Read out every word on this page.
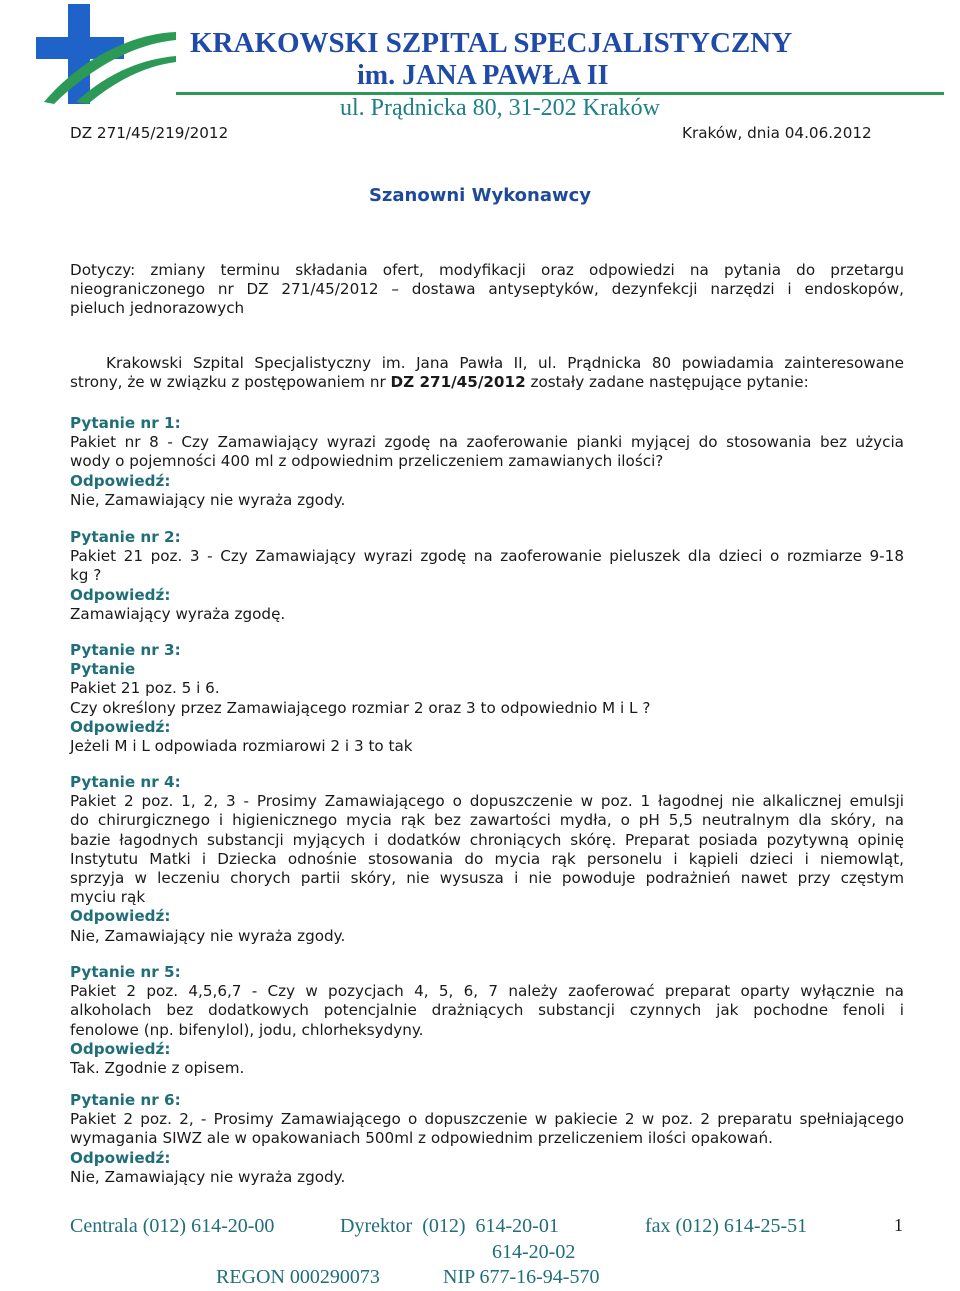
KRAKOWSKI SZPITAL SPECJALISTYCZNY
im. JANA PAWŁA II
ul. Prądnicka 80, 31-202 Kraków
DZ 271/45/219/2012	Kraków, dnia 04.06.2012
Szanowni Wykonawcy
Dotyczy: zmiany terminu składania ofert, modyfikacji oraz odpowiedzi na pytania do przetargu
nieograniczonego nr DZ 271/45/2012 – dostawa antyseptyków, dezynfekcji narzędzi i endoskopów,
pieluch jednorazowych
Krakowski Szpital Specjalistyczny im. Jana Pawła II, ul. Prądnicka 80 powiadamia zainteresowane
strony, że w związku z postępowaniem nr DZ 271/45/2012 zostały zadane następujące pytanie:
Pytanie nr 1:
Pakiet nr 8 - Czy Zamawiający wyrazi zgodę na zaoferowanie pianki myjącej do stosowania bez użycia
wody o pojemności 400 ml z odpowiednim przeliczeniem zamawianych ilości?
Odpowiedź:
Nie, Zamawiający nie wyraża zgody.
Pytanie nr 2:
Pakiet 21 poz. 3 - Czy Zamawiający wyrazi zgodę na zaoferowanie pieluszek dla dzieci o rozmiarze 9-18
kg ?
Odpowiedź:
Zamawiający wyraża zgodę.
Pytanie nr 3:
Pytanie
Pakiet 21 poz. 5 i 6.
Czy określony przez Zamawiającego rozmiar 2 oraz 3 to odpowiednio M i L ?
Odpowiedź:
Jeżeli M i L odpowiada rozmiarowi 2 i 3 to tak
Pytanie nr 4:
Pakiet 2 poz. 1, 2, 3 - Prosimy Zamawiającego o dopuszczenie w poz. 1 łagodnej nie alkalicznej emulsji
do chirurgicznego i higienicznego mycia rąk bez zawartości mydła, o pH 5,5 neutralnym dla skóry, na
bazie łagodnych substancji myjących i dodatków chroniących skórę. Preparat posiada pozytywną opinię
Instytutu Matki i Dziecka odnośnie stosowania do mycia rąk personelu i kąpieli dzieci i niemowląt,
sprzyja w leczeniu chorych partii skóry, nie wysusza i nie powoduje podrażnień nawet przy częstym
myciu rąk
Odpowiedź:
Nie, Zamawiający nie wyraża zgody.
Pytanie nr 5:
Pakiet 2 poz. 4,5,6,7 - Czy w pozycjach 4, 5, 6, 7 należy zaoferować preparat oparty wyłącznie na
alkoholach bez dodatkowych potencjalnie drażniących substancji czynnych jak pochodne fenoli i
fenolowe (np. bifenylol), jodu, chlorheksydyny.
Odpowiedź:
Tak. Zgodnie z opisem.
Pytanie nr 6:
Pakiet 2 poz. 2, - Prosimy Zamawiającego o dopuszczenie w pakiecie 2 w poz. 2 preparatu spełniającego
wymagania SIWZ ale w opakowaniach 500ml z odpowiednim przeliczeniem ilości opakowań.
Odpowiedź:
Nie, Zamawiający nie wyraża zgody.
Centrala (012) 614-20-00	Dyrektor  (012)  614-20-01	fax (012) 614-25-51	1
614-20-02
REGON 000290073	NIP 677-16-94-570
